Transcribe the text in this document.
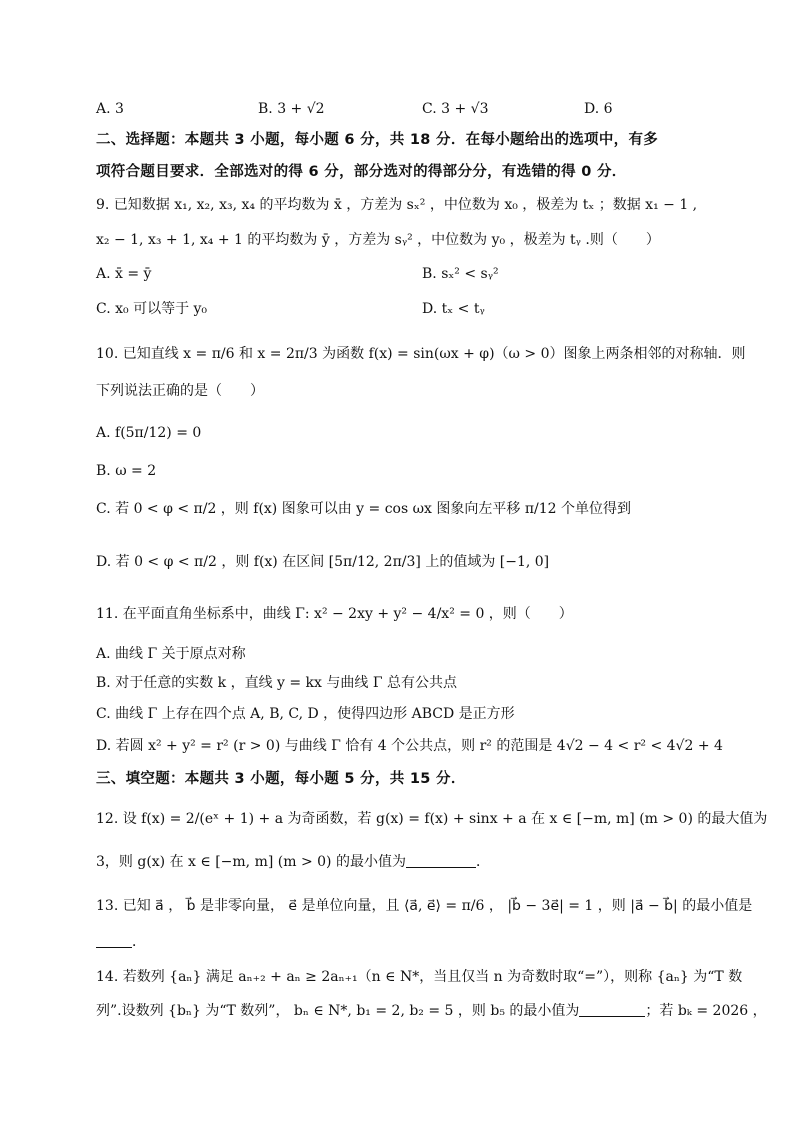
A. 3	B. 3 + √2	C. 3 + √3	D. 6
二、选择题：本题共 3 小题，每小题 6 分，共 18 分．在每小题给出的选项中，有多
项符合题目要求．全部选对的得 6 分，部分选对的得部分分，有选错的得 0 分．
9. 已知数据 x₁, x₂, x₃, x₄ 的平均数为 x̄ ，方差为 sₓ² ，中位数为 x₀ ，极差为 tₓ ；数据 x₁ − 1 ,
x₂ − 1, x₃ + 1, x₄ + 1 的平均数为 ȳ ，方差为 sᵧ² ，中位数为 y₀ ，极差为 tᵧ .则（　　）
A. x̄ = ȳ	B. sₓ² < sᵧ²
C. x₀ 可以等于 y₀	D. tₓ < tᵧ
10. 已知直线 x = π/6 和 x = 2π/3 为函数 f(x) = sin(ωx + φ)（ω > 0）图象上两条相邻的对称轴．则
下列说法正确的是（　　）
A. f(5π/12) = 0
B. ω = 2
C. 若 0 < φ < π/2 ，则 f(x) 图象可以由 y = cos ωx 图象向左平移 π/12 个单位得到
D. 若 0 < φ < π/2 ，则 f(x) 在区间 [5π/12, 2π/3] 上的值域为 [−1, 0]
11. 在平面直角坐标系中，曲线 Γ: x² − 2xy + y² − 4/x² = 0 ，则（　　）
A. 曲线 Γ 关于原点对称
B. 对于任意的实数 k ，直线 y = kx 与曲线 Γ 总有公共点
C. 曲线 Γ 上存在四个点 A, B, C, D ，使得四边形 ABCD 是正方形
D. 若圆 x² + y² = r² (r > 0) 与曲线 Γ 恰有 4 个公共点，则 r² 的范围是 4√2 − 4 < r² < 4√2 + 4
三、填空题：本题共 3 小题，每小题 5 分，共 15 分．
12. 设 f(x) = 2/(eˣ + 1) + a 为奇函数，若 g(x) = f(x) + sinx + a 在 x ∈ [−m, m] (m > 0) 的最大值为
3，则 g(x) 在 x ∈ [−m, m] (m > 0) 的最小值为	．
13. 已知 a⃗ ， b⃗ 是非零向量， e⃗ 是单位向量，且 ⟨a⃗, e⃗⟩ = π/6 ， |b⃗ − 3e⃗| = 1 ，则 |a⃗ − b⃗| 的最小值是
．
14. 若数列 {aₙ} 满足 aₙ₊₂ + aₙ ≥ 2aₙ₊₁（n ∈ N*，当且仅当 n 为奇数时取“=”），则称 {aₙ} 为“T 数
列”.设数列 {bₙ} 为“T 数列”， bₙ ∈ N*, b₁ = 2, b₂ = 5 ，则 b₅ 的最小值为	；若 bₖ = 2026 ，
